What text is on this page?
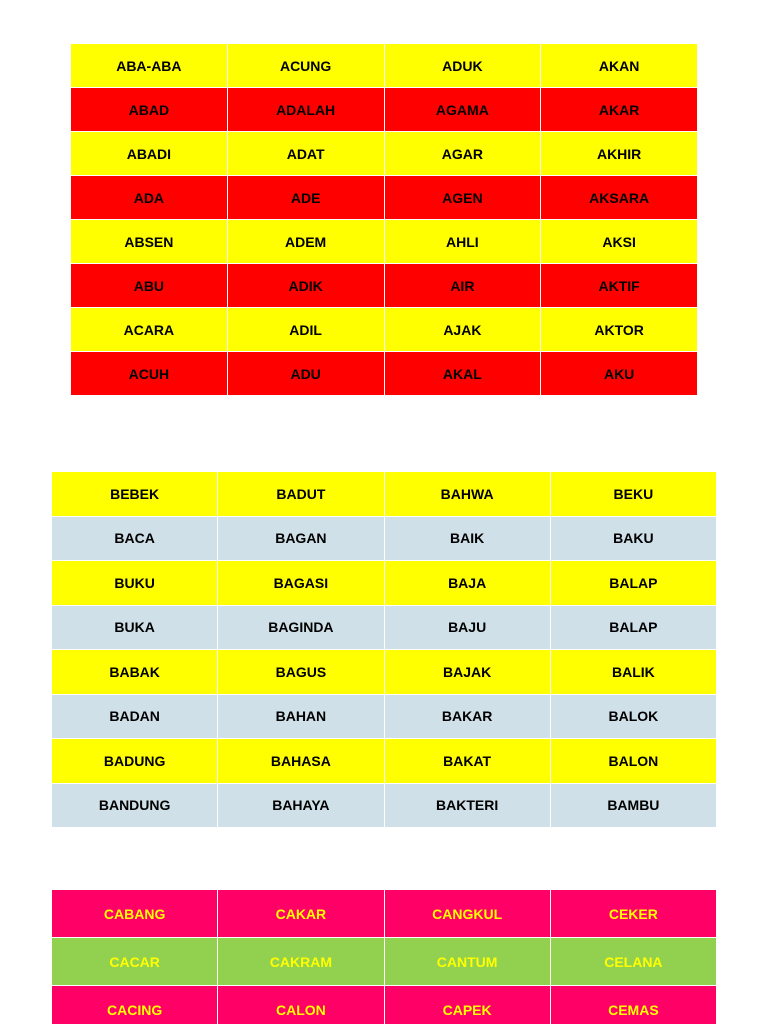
ABA-ABA	ACUNG	ADUK	AKAN
ABAD	ADALAH	AGAMA	AKAR
ABADI	ADAT	AGAR	AKHIR
ADA	ADE	AGEN	AKSARA
ABSEN	ADEM	AHLI	AKSI
ABU	ADIK	AIR	AKTIF
ACARA	ADIL	AJAK	AKTOR
ACUH	ADU	AKAL	AKU
BEBEK	BADUT	BAHWA	BEKU
BACA	BAGAN	BAIK	BAKU
BUKU	BAGASI	BAJA	BALAP
BUKA	BAGINDA	BAJU	BALAP
BABAK	BAGUS	BAJAK	BALIK
BADAN	BAHAN	BAKAR	BALOK
BADUNG	BAHASA	BAKAT	BALON
BANDUNG	BAHAYA	BAKTERI	BAMBU
CABANG	CAKAR	CANGKUL	CEKER
CACAR	CAKRAM	CANTUM	CELANA
CACING	CALON	CAPEK	CEMAS
